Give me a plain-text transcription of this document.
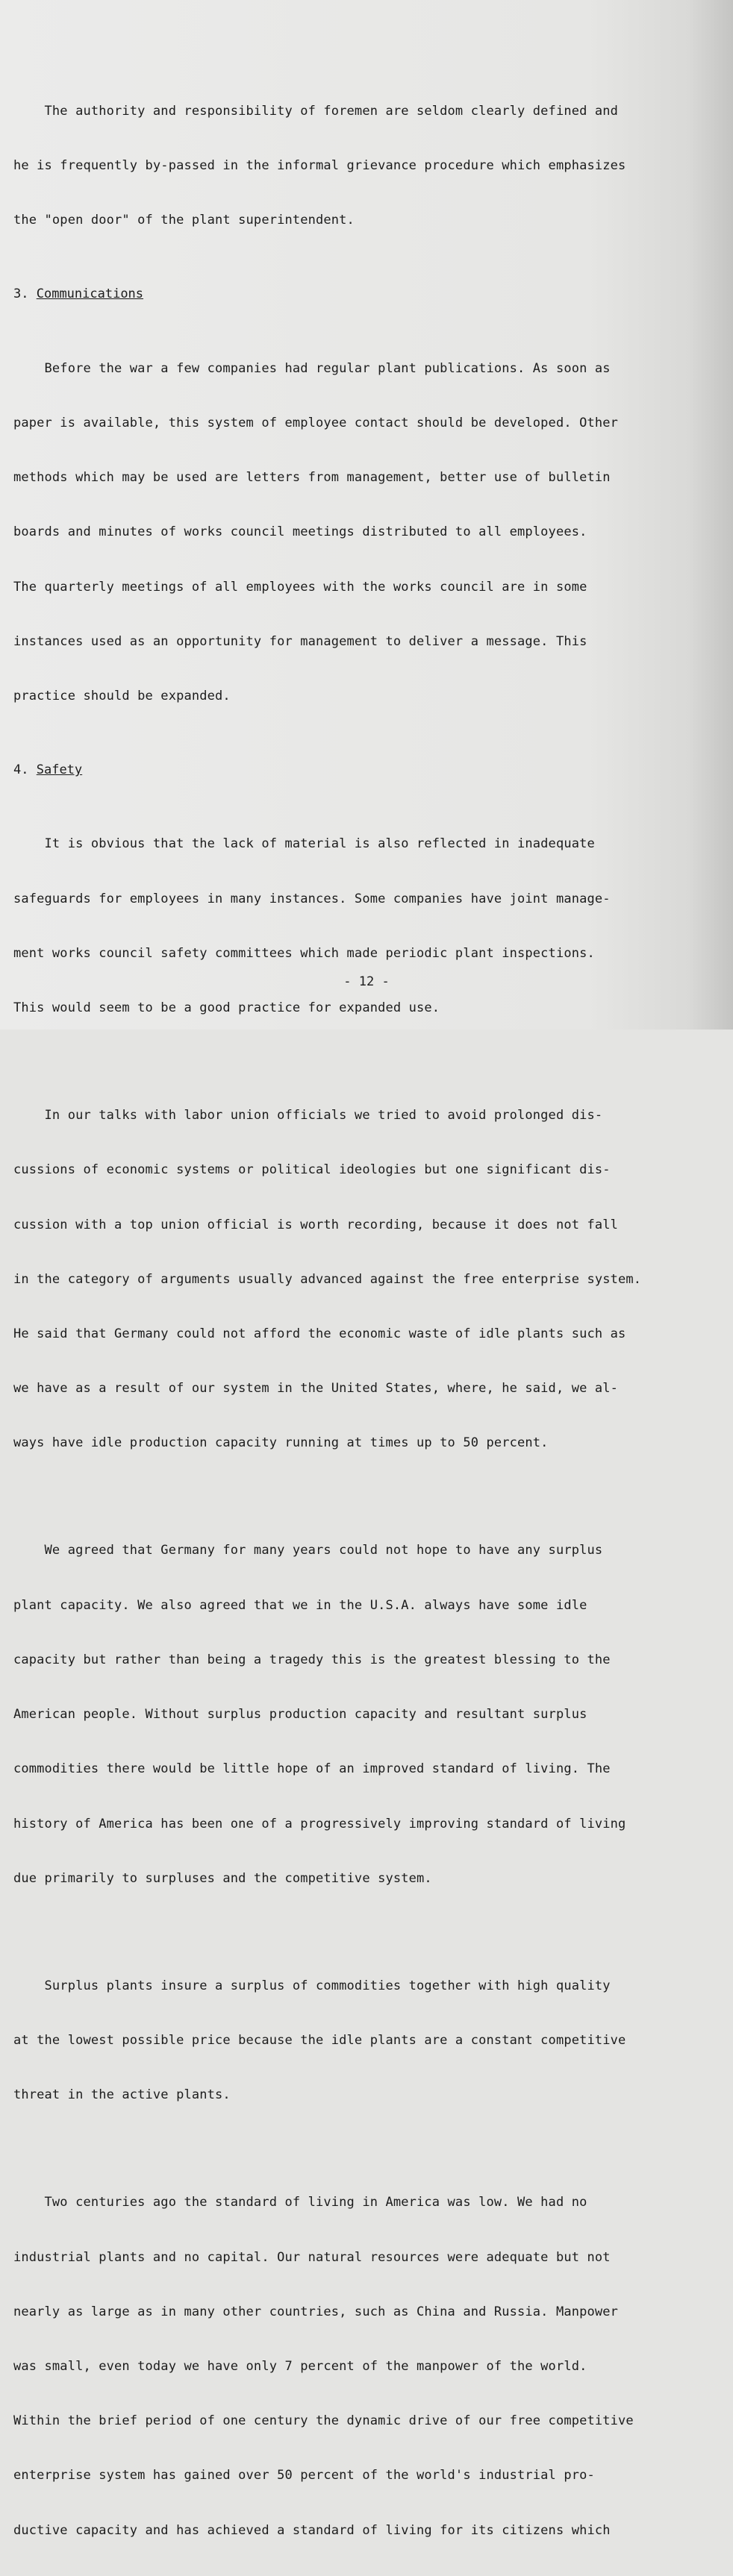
The authority and responsibility of foremen are seldom clearly defined and

he is frequently by-passed in the informal grievance procedure which emphasizes

the "open door" of the plant superintendent.

3. Communications

Before the war a few companies had regular plant publications. As soon as

paper is available, this system of employee contact should be developed. Other

methods which may be used are letters from management, better use of bulletin

boards and minutes of works council meetings distributed to all employees.

The quarterly meetings of all employees with the works council are in some

instances used as an opportunity for management to deliver a message. This

practice should be expanded.

4. Safety

It is obvious that the lack of material is also reflected in inadequate

safeguards for employees in many instances. Some companies have joint manage-

ment works council safety committees which made periodic plant inspections.

This would seem to be a good practice for expanded use.

In our talks with labor union officials we tried to avoid prolonged dis-

cussions of economic systems or political ideologies but one significant dis-

cussion with a top union official is worth recording, because it does not fall

in the category of arguments usually advanced against the free enterprise system.

He said that Germany could not afford the economic waste of idle plants such as

we have as a result of our system in the United States, where, he said, we al-

ways have idle production capacity running at times up to 50 percent.

We agreed that Germany for many years could not hope to have any surplus

plant capacity. We also agreed that we in the U.S.A. always have some idle

capacity but rather than being a tragedy this is the greatest blessing to the

American people. Without surplus production capacity and resultant surplus

commodities there would be little hope of an improved standard of living. The

history of America has been one of a progressively improving standard of living

due primarily to surpluses and the competitive system.

Surplus plants insure a surplus of commodities together with high quality

at the lowest possible price because the idle plants are a constant competitive

threat in the active plants.

Two centuries ago the standard of living in America was low. We had no

industrial plants and no capital. Our natural resources were adequate but not

nearly as large as in many other countries, such as China and Russia. Manpower

was small, even today we have only 7 percent of the manpower of the world.

Within the brief period of one century the dynamic drive of our free competitive

enterprise system has gained over 50 percent of the world's industrial pro-

ductive capacity and has achieved a standard of living for its citizens which

- 12 -
